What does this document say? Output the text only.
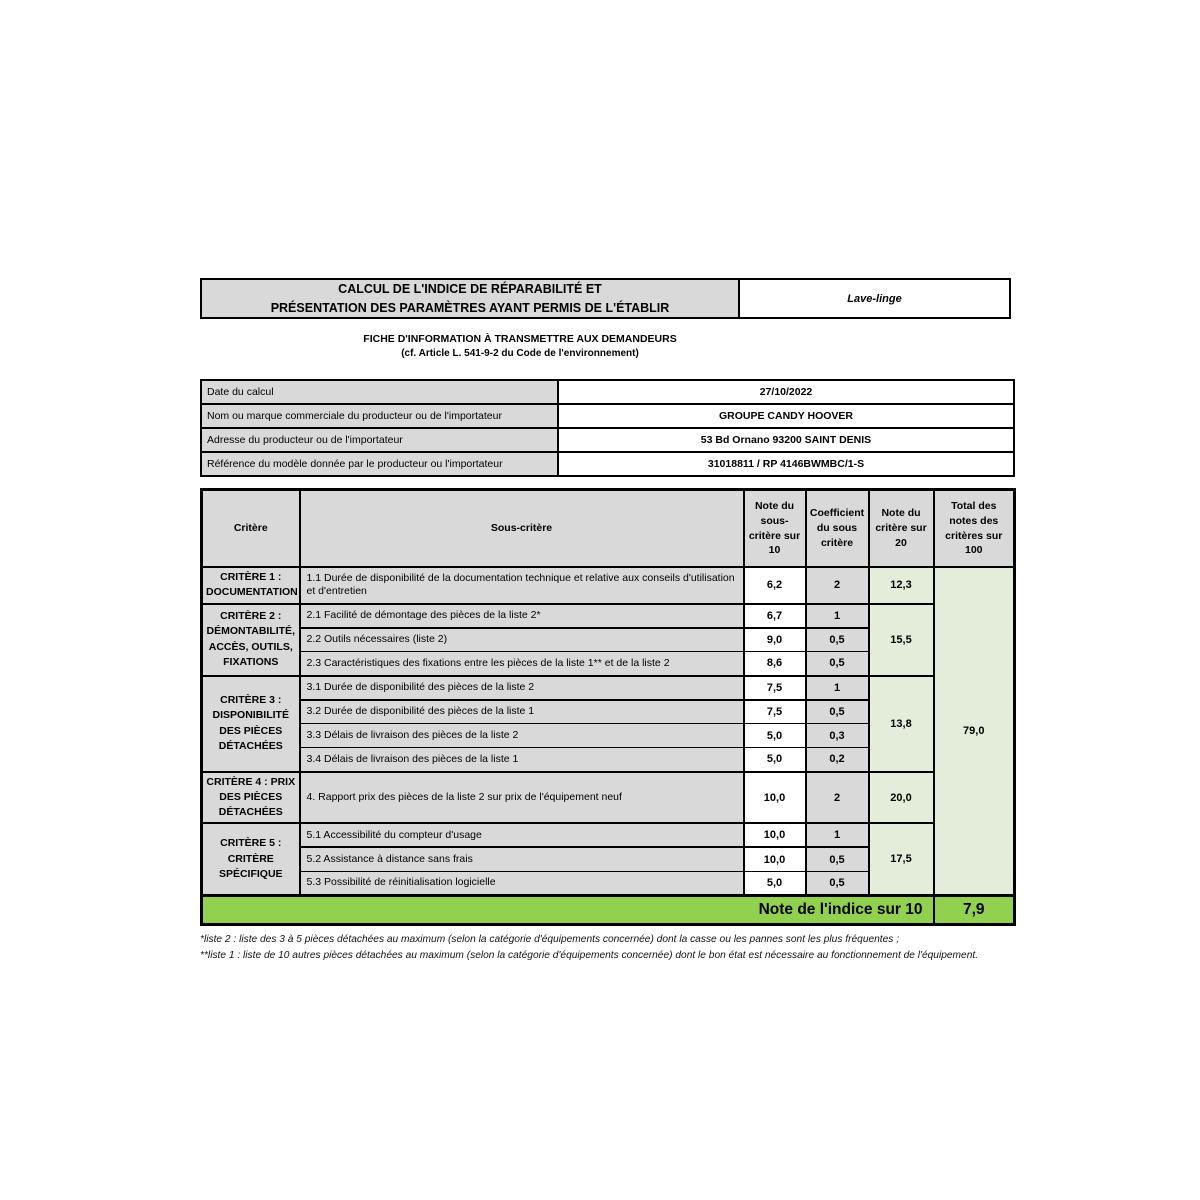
CALCUL DE L'INDICE DE RÉPARABILITÉ ET
PRÉSENTATION DES PARAMÈTRES AYANT PERMIS DE L'ÉTABLIR
Lave-linge
FICHE D'INFORMATION À TRANSMETTRE AUX DEMANDEURS
(cf. Article L. 541-9-2 du Code de l'environnement)
Date du calcul	27/10/2022
Nom ou marque commerciale du producteur ou de l'importateur	GROUPE CANDY HOOVER
Adresse du producteur ou de l'importateur	53 Bd Ornano 93200 SAINT DENIS
Référence du modèle donnée par le producteur ou l'importateur	31018811 / RP 4146BWMBC/1-S
Critère	Sous-critère	Note du sous-critère sur 10	Coefficient du sous critère	Note du critère sur 20	Total des notes des critères sur 100
CRITÈRE 1 : DOCUMENTATION	1.1 Durée de disponibilité de la documentation technique et relative aux conseils d'utilisation et d'entretien	6,2	2	12,3	79,0
CRITÈRE 2 : DÉMONTABILITÉ, ACCÈS, OUTILS, FIXATIONS	2.1 Facilité de démontage des pièces de la liste 2*	6,7	1	15,5	
	2.2 Outils nécessaires (liste 2)	9,0	0,5		
	2.3 Caractéristiques des fixations entre les pièces de la liste 1** et de la liste 2	8,6	0,5		
CRITÈRE 3 : DISPONIBILITÉ DES PIÈCES DÉTACHÉES	3.1 Durée de disponibilité des pièces de la liste 2	7,5	1	13,8	
	3.2 Durée de disponibilité des pièces de la liste 1	7,5	0,5		
	3.3 Délais de livraison des pièces de la liste 2	5,0	0,3		
	3.4 Délais de livraison des pièces de la liste 1	5,0	0,2		
CRITÈRE 4 : PRIX DES PIÈCES DÉTACHÉES	4. Rapport prix des pièces de la liste 2 sur prix de l'équipement neuf	10,0	2	20,0	
CRITÈRE 5 : CRITÈRE SPÉCIFIQUE	5.1 Accessibilité du compteur d'usage	10,0	1	17,5	
	5.2 Assistance à distance sans frais	10,0	0,5		
	5.3 Possibilité de réinitialisation logicielle	5,0	0,5		
Note de l'indice sur 10					7,9
*liste 2 : liste des 3 à 5 pièces détachées au maximum (selon la catégorie d'équipements concernée) dont la casse ou les pannes sont les plus fréquentes ;
**liste 1 : liste de 10 autres pièces détachées au maximum (selon la catégorie d'équipements concernée) dont le bon état est nécessaire au fonctionnement de l'équipement.
